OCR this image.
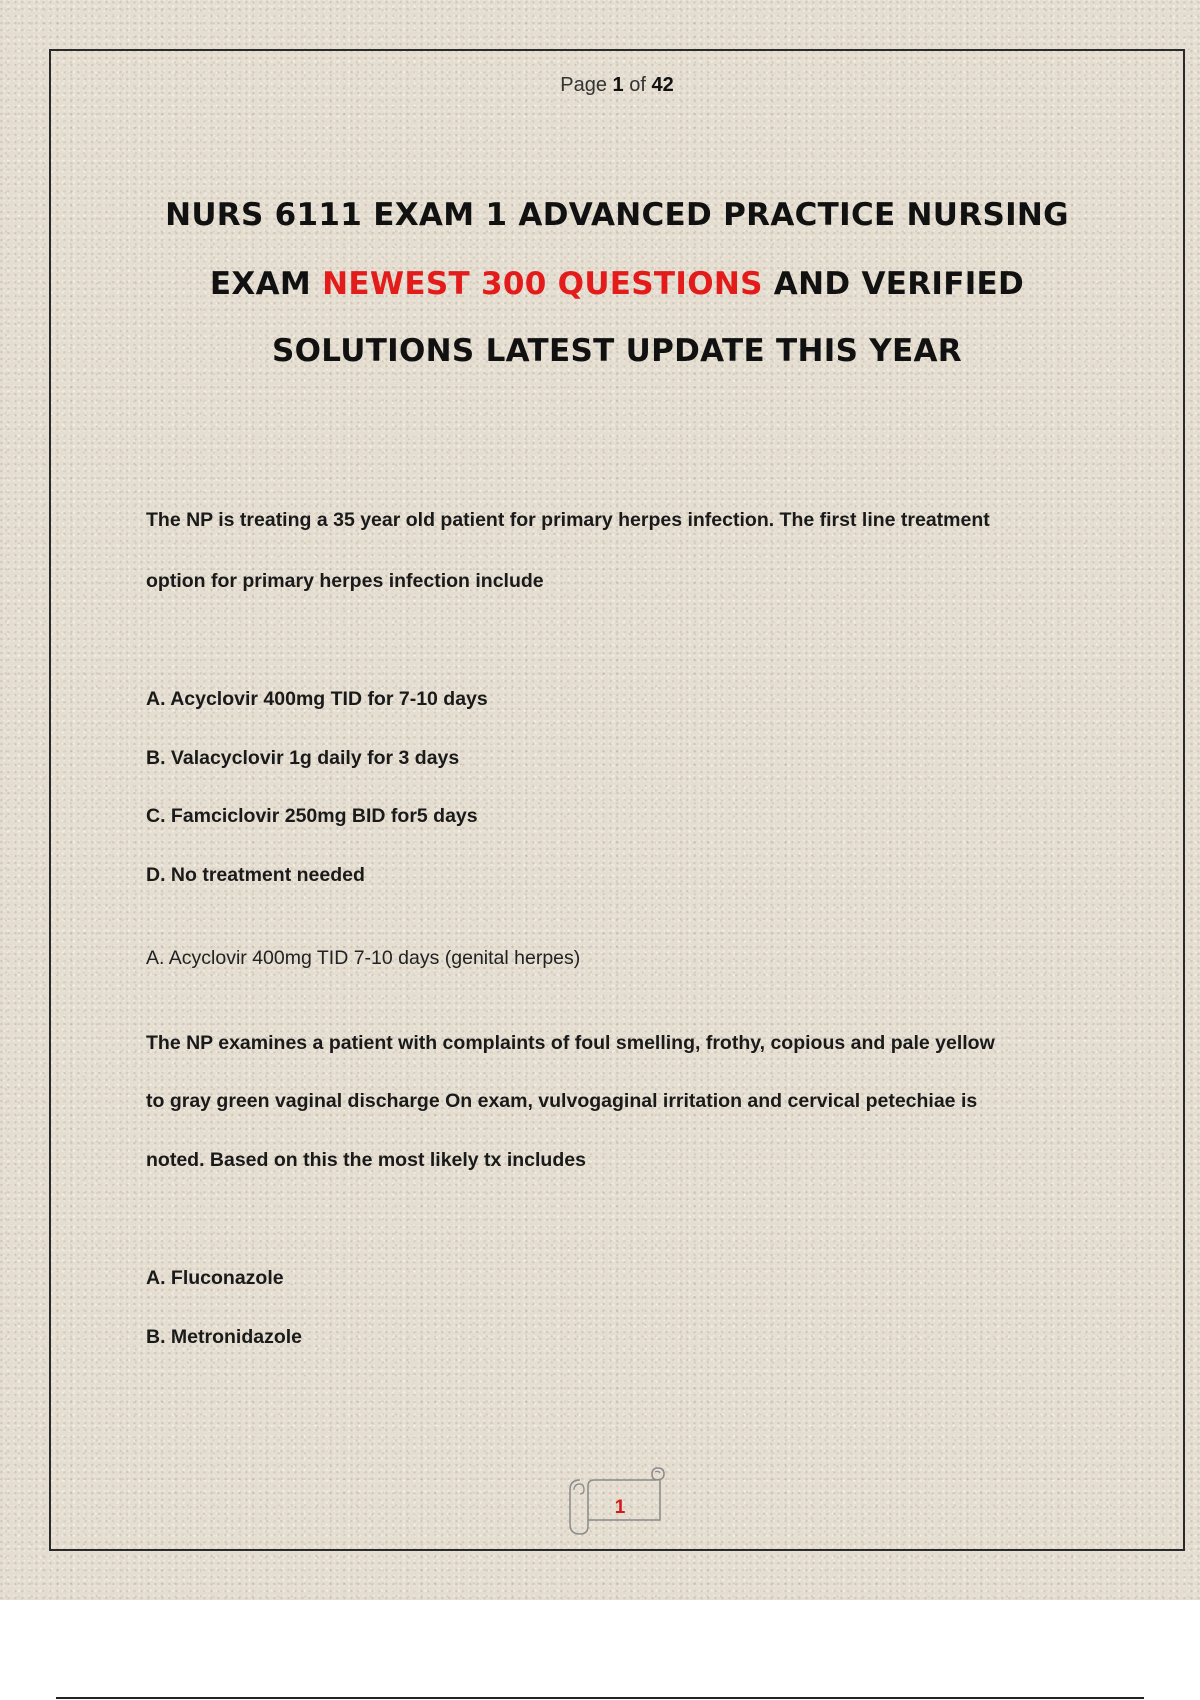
Page 1 of 42
NURS 6111 EXAM 1 ADVANCED PRACTICE NURSING
EXAM NEWEST 300 QUESTIONS AND VERIFIED
SOLUTIONS LATEST UPDATE THIS YEAR
The NP is treating a 35 year old patient for primary herpes infection. The first line treatment
option for primary herpes infection include
A. Acyclovir 400mg TID for 7-10 days
B. Valacyclovir 1g daily for 3 days
C. Famciclovir 250mg BID for5 days
D. No treatment needed
A. Acyclovir 400mg TID 7-10 days (genital herpes)
The NP examines a patient with complaints of foul smelling, frothy, copious and pale yellow
to gray green vaginal discharge On exam, vulvogaginal irritation and cervical petechiae is
noted. Based on this the most likely tx includes
A. Fluconazole
B. Metronidazole
1
